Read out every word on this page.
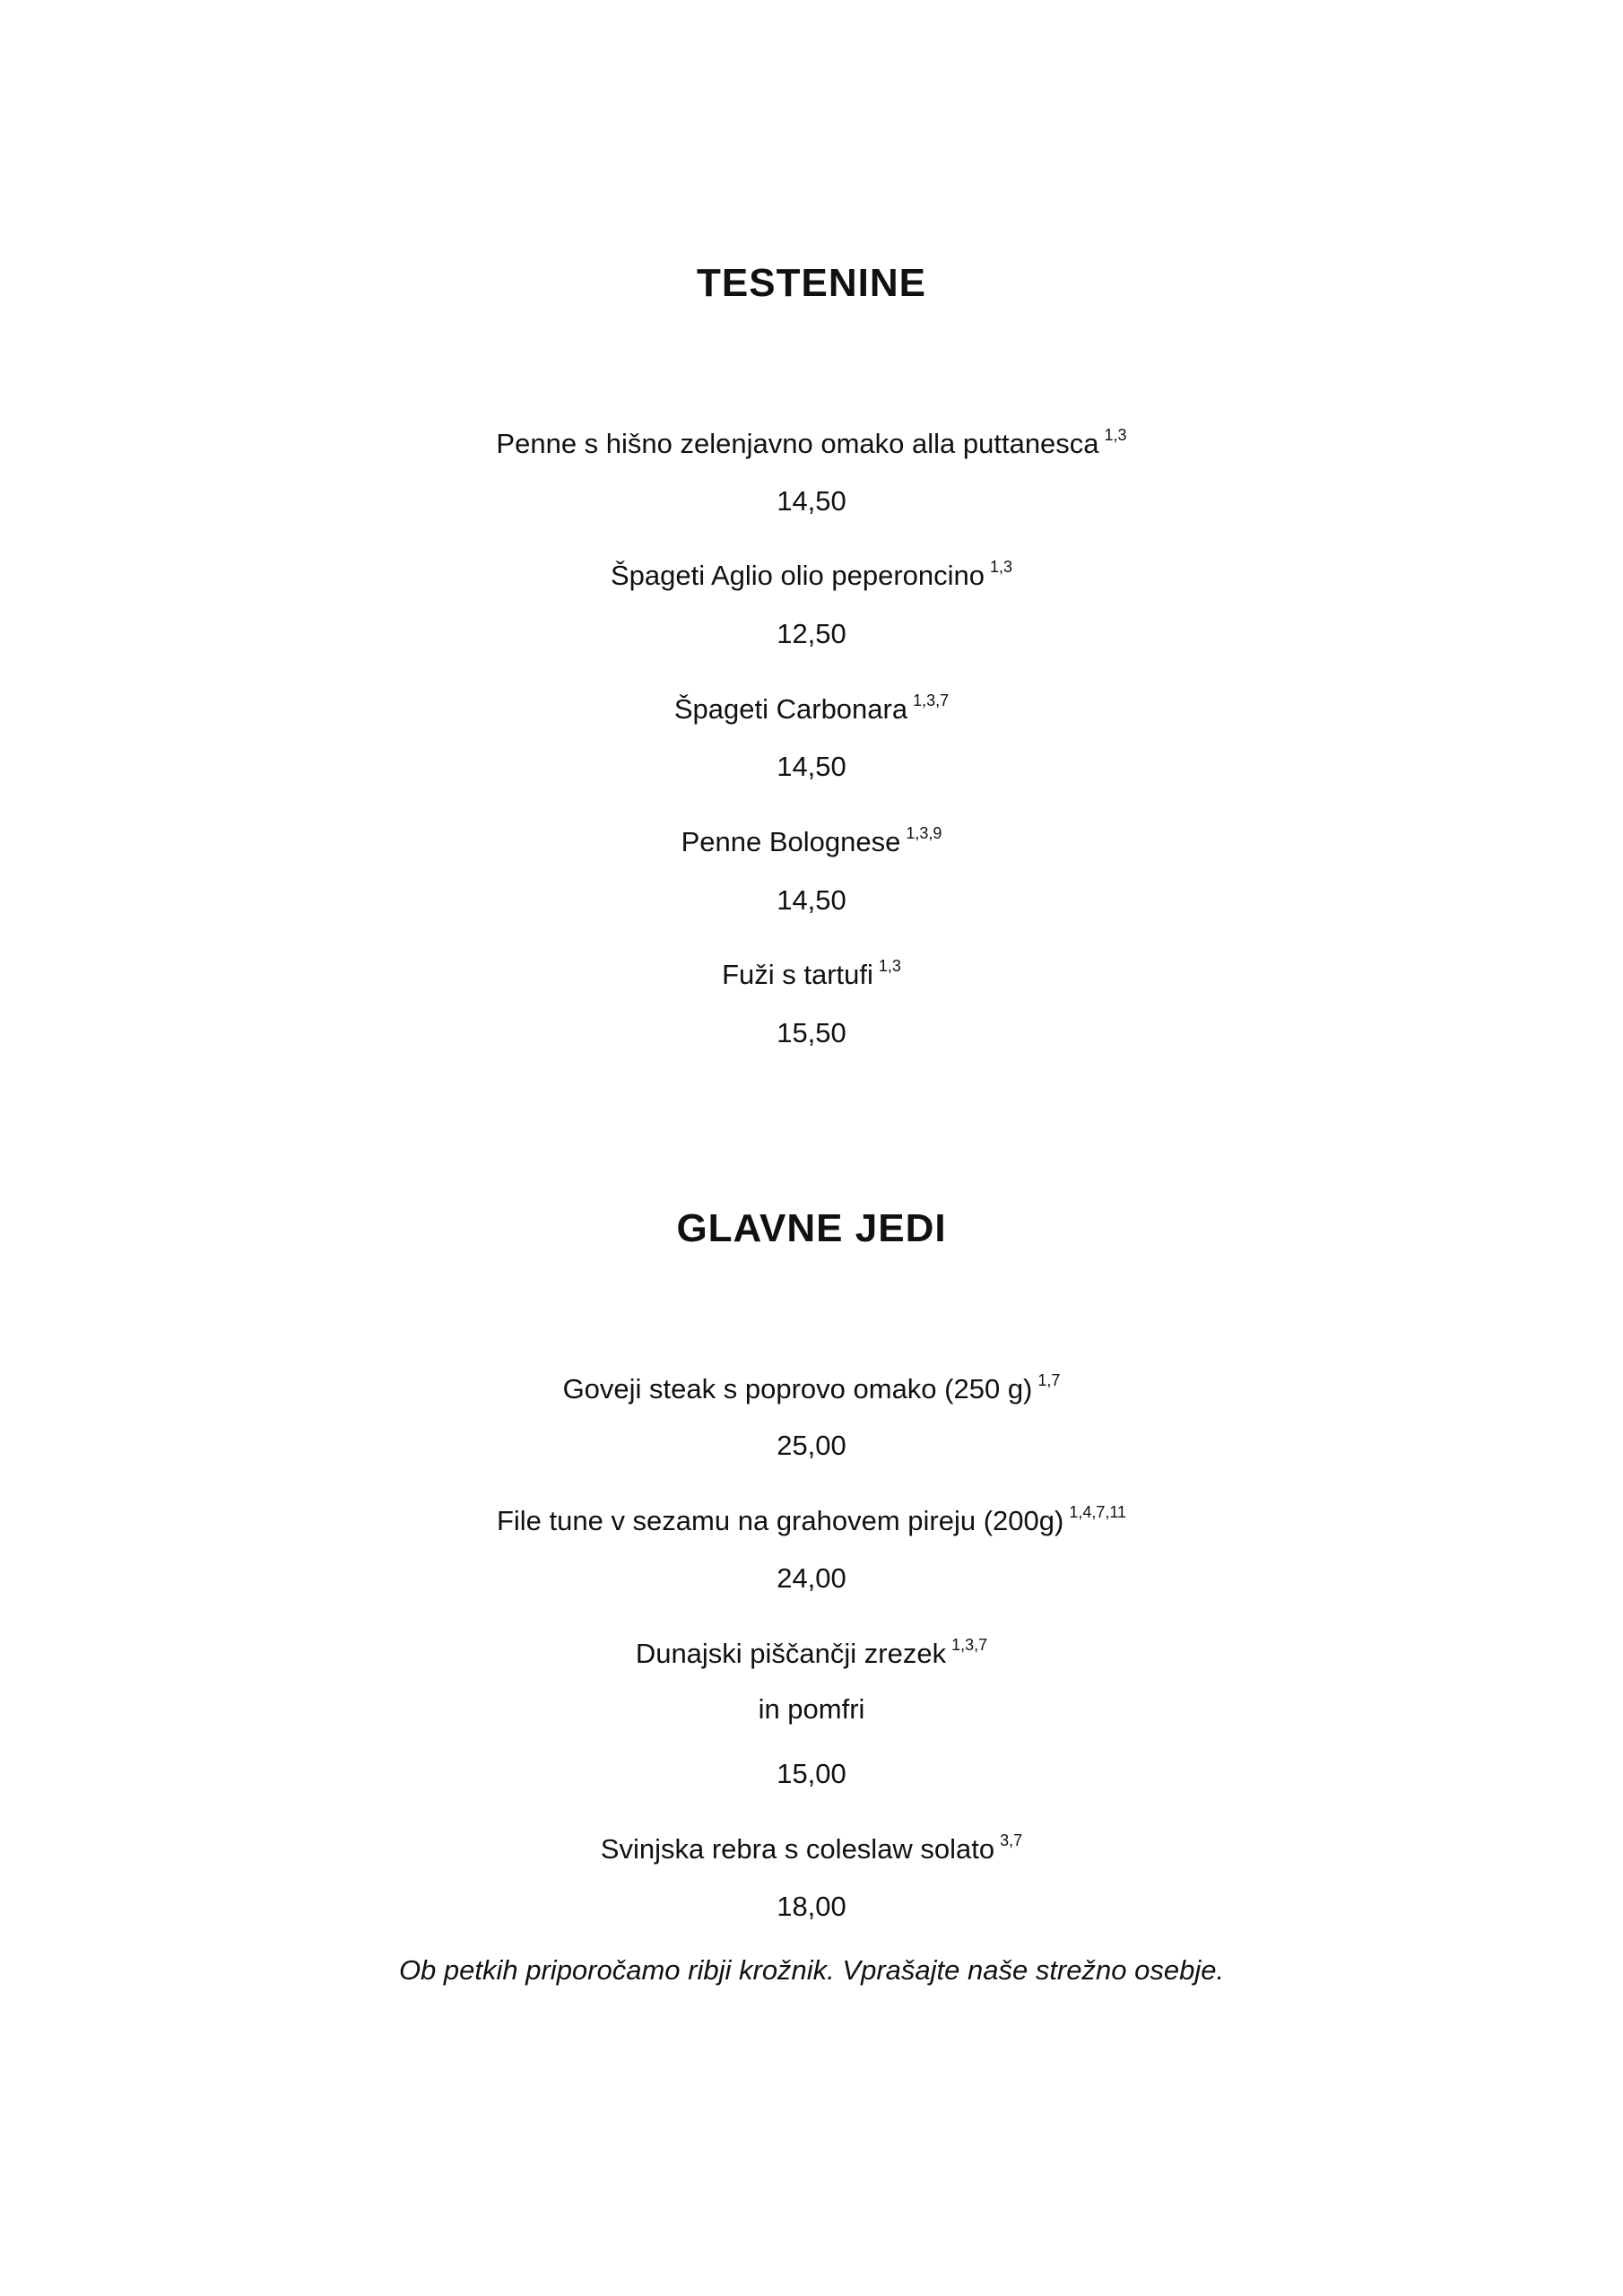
TESTENINE
Penne s hišno zelenjavno omako alla puttanesca $^{1,3}$
14,50
Špageti Aglio olio peperoncino $^{1,3}$
12,50
Špageti Carbonara $^{1,3,7}$
14,50
Penne Bolognese $^{1,3,9}$
14,50
Fuži s tartufi $^{1,3}$
15,50
GLAVNE JEDI
Goveji steak s poprovo omako (250 g) $^{1,7}$
25,00
File tune v sezamu na grahovem pireju (200g) $^{1,4,7,11}$
24,00
Dunajski piščančji zrezek $^{1,3,7}$
in pomfri
15,00
Svinjska rebra s coleslaw solato $^{3,7}$
18,00
Ob petkih priporočamo ribji krožnik. Vprašajte naše strežno osebje.
